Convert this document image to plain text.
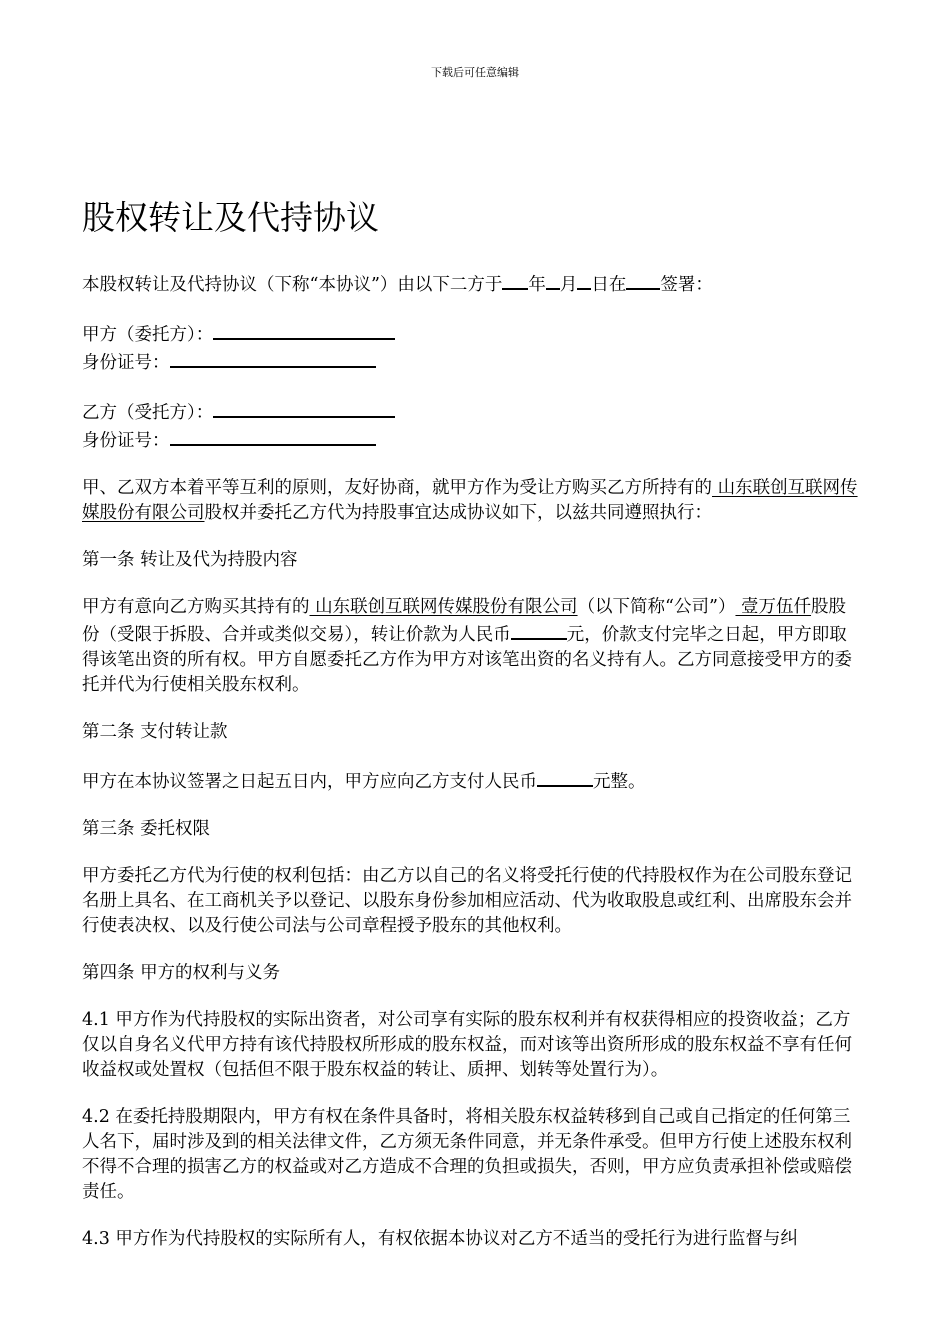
下载后可任意编辑
股权转让及代持协议

本股权转让及代持协议（下称“本协议”）由以下二方于 年 月 日在 签署：

甲方（委托方）：
身份证号：
乙方（受托方）：
身份证号：

甲、乙双方本着平等互利的原则，友好协商，就甲方作为受让方购买乙方所持有的 山东联创互联网传媒股份有限公司股权并委托乙方代为持股事宜达成协议如下，以兹共同遵照执行：

第一条 转让及代为持股内容

甲方有意向乙方购买其持有的 山东联创互联网传媒股份有限公司（以下简称“公司”） 壹万伍仟股股份（受限于拆股、合并或类似交易），转让价款为人民币	元，价款支付完毕之日起，甲方即取得该笔出资的所有权。甲方自愿委托乙方作为甲方对该笔出资的名义持有人。乙方同意接受甲方的委托并代为行使相关股东权利。

第二条 支付转让款

甲方在本协议签署之日起五日内，甲方应向乙方支付人民币	元整。

第三条 委托权限

甲方委托乙方代为行使的权利包括：由乙方以自己的名义将受托行使的代持股权作为在公司股东登记名册上具名、在工商机关予以登记、以股东身份参加相应活动、代为收取股息或红利、出席股东会并行使表决权、以及行使公司法与公司章程授予股东的其他权利。

第四条 甲方的权利与义务

4.1 甲方作为代持股权的实际出资者，对公司享有实际的股东权利并有权获得相应的投资收益；乙方仅以自身名义代甲方持有该代持股权所形成的股东权益，而对该等出资所形成的股东权益不享有任何收益权或处置权（包括但不限于股东权益的转让、质押、划转等处置行为）。

4.2 在委托持股期限内，甲方有权在条件具备时，将相关股东权益转移到自己或自己指定的任何第三人名下，届时涉及到的相关法律文件，乙方须无条件同意，并无条件承受。但甲方行使上述股东权利不得不合理的损害乙方的权益或对乙方造成不合理的负担或损失，否则，甲方应负责承担补偿或赔偿责任。

4.3 甲方作为代持股权的实际所有人，有权依据本协议对乙方不适当的受托行为进行监督与纠
